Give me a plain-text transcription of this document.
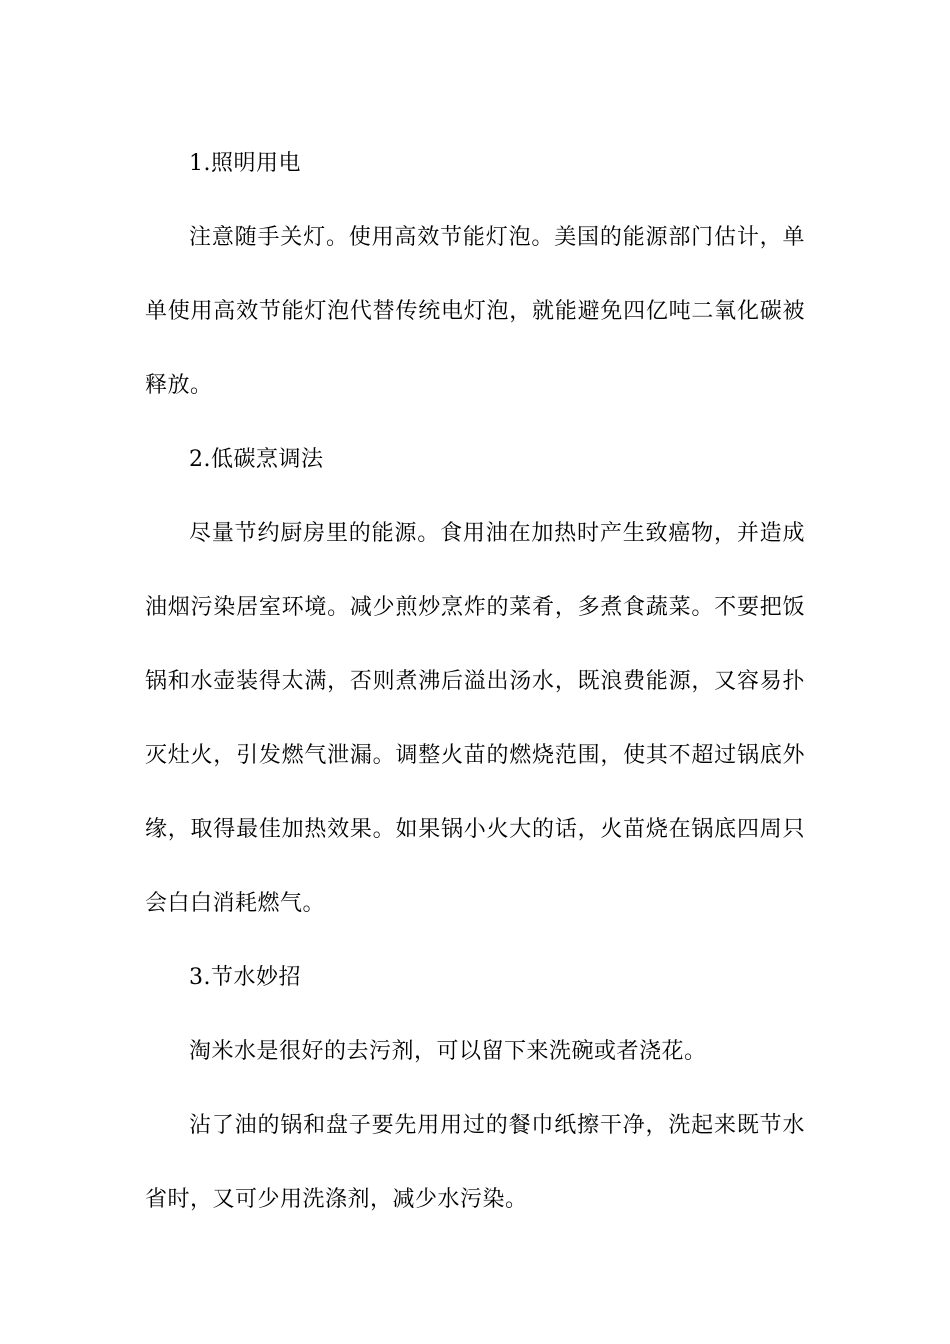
1.照明用电

注意随手关灯。使用高效节能灯泡。美国的能源部门估计，单单使用高效节能灯泡代替传统电灯泡，就能避免四亿吨二氧化碳被释放。

2.低碳烹调法

尽量节约厨房里的能源。食用油在加热时产生致癌物，并造成油烟污染居室环境。减少煎炒烹炸的菜肴，多煮食蔬菜。不要把饭锅和水壶装得太满，否则煮沸后溢出汤水，既浪费能源，又容易扑灭灶火，引发燃气泄漏。调整火苗的燃烧范围，使其不超过锅底外缘，取得最佳加热效果。如果锅小火大的话，火苗烧在锅底四周只会白白消耗燃气。

3.节水妙招

淘米水是很好的去污剂，可以留下来洗碗或者浇花。

沾了油的锅和盘子要先用用过的餐巾纸擦干净，洗起来既节水省时，又可少用洗涤剂，减少水污染。
